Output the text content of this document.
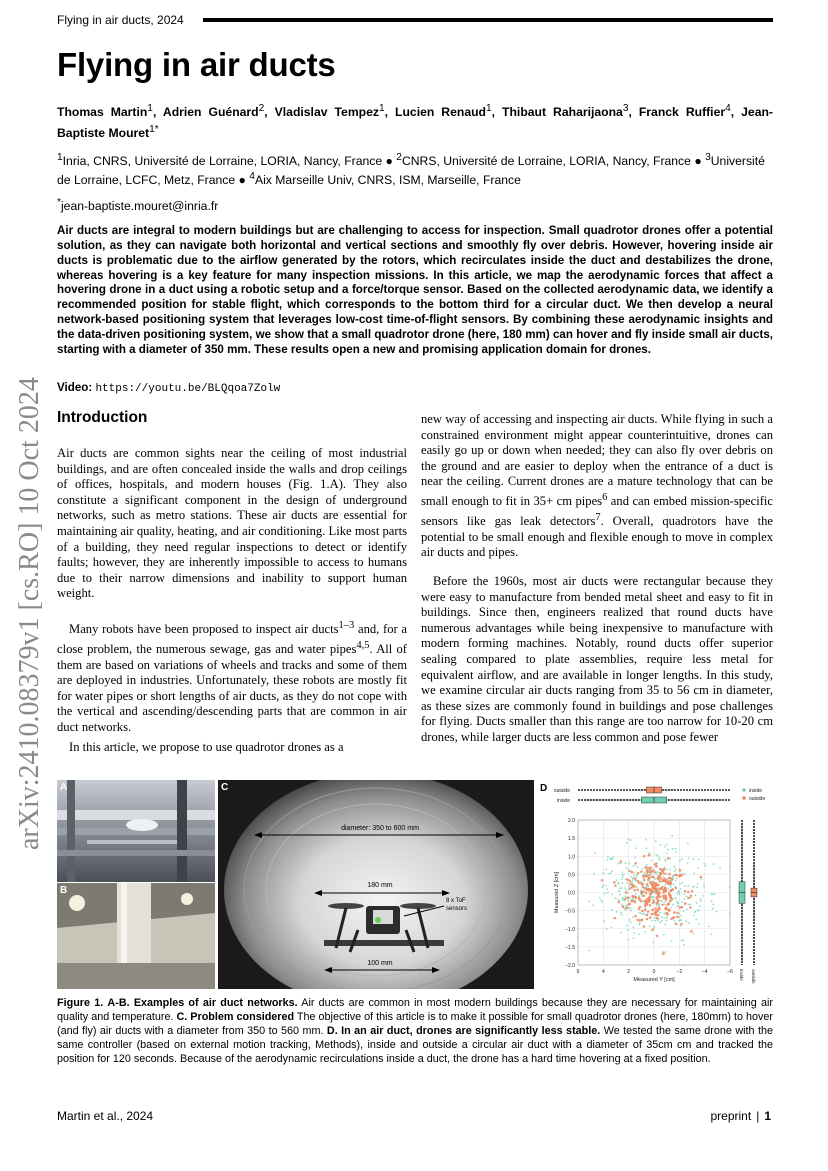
Flying in air ducts, 2024
Flying in air ducts
Thomas Martin$^1$, Adrien Guénard$^2$, Vladislav Tempez$^1$, Lucien Renaud$^1$, Thibaut Raharijaona$^3$, Franck Ruffier$^4$, Jean-Baptiste Mouret$^{1*}$
$^1$Inria, CNRS, Université de Lorraine, LORIA, Nancy, France ● $^2$CNRS, Université de Lorraine, LORIA, Nancy, France ● $^3$Université de Lorraine, LCFC, Metz, France ● $^4$Aix Marseille Univ, CNRS, ISM, Marseille, France
*jean-baptiste.mouret@inria.fr
Air ducts are integral to modern buildings but are challenging to access for inspection. Small quadrotor drones offer a potential solution, as they can navigate both horizontal and vertical sections and smoothly fly over debris. However, hovering inside air ducts is problematic due to the airflow generated by the rotors, which recirculates inside the duct and destabilizes the drone, whereas hovering is a key feature for many inspection missions. In this article, we map the aerodynamic forces that affect a hovering drone in a duct using a robotic setup and a force/torque sensor. Based on the collected aerodynamic data, we identify a recommended position for stable flight, which corresponds to the bottom third for a circular duct. We then develop a neural network-based positioning system that leverages low-cost time-of-flight sensors. By combining these aerodynamic insights and the data-driven positioning system, we show that a small quadrotor drone (here, 180 mm) can hover and fly inside small air ducts, starting with a diameter of 350 mm. These results open a new and promising application domain for drones.
Video: https://youtu.be/BLQqoa7Zolw
arXiv:2410.08379v1 [cs.RO] 10 Oct 2024 Introduction

Air ducts are common sights near the ceiling of most industrial buildings, and are often concealed inside the walls and drop ceilings of offices, hospitals, and modern houses (Fig. 1.A). They also constitute a significant component in the design of underground networks, such as metro stations. These air ducts are essential for maintaining air quality, heating, and air conditioning. Like most parts of a building, they need regular inspections to detect or identify faults; however, they are inherently impossible to access to humans due to their narrow dimensions and inability to support human weight.

Many robots have been proposed to inspect air ducts$^{1-3}$ and, for a close problem, the numerous sewage, gas and water pipes$^{4,5}$. All of them are based on variations of wheels and tracks and some of them are deployed in industries. Unfortunately, these robots are mostly fit for water pipes or short lengths of air ducts, as they do not cope with the vertical and ascending/descending parts that are common in air duct networks.

In this article, we propose to use quadrotor drones as a

new way of accessing and inspecting air ducts. While flying in such a constrained environment might appear counterintuitive, drones can easily go up or down when needed; they can also fly over debris on the ground and are easier to deploy when the entrance of a duct is near the ceiling. Current drones are a mature technology that can be small enough to fit in 35+ cm pipes$^6$ and can embed mission-specific sensors like gas leak detectors$^7$. Overall, quadrotors have the potential to be small enough and flexible enough to move in complex air ducts and pipes.

Before the 1960s, most air ducts were rectangular because they were easy to manufacture from bended metal sheet and easy to fit in buildings. Since then, engineers realized that round ducts have numerous advantages while being inexpensive to manufacture with modern forming machines. Notably, round ducts offer superior sealing compared to plate assemblies, require less metal for equivalent airflow, and are available in longer lengths. In this study, we examine circular air ducts ranging from 35 to 56 cm in diameter, as these sizes are commonly found in buildings and pose challenges for flying. Ducts smaller than this range are too narrow for 10-20 cm drones, while larger ducts are less common and pose fewer

A
B
diameter: 350 to 600 mm
180 mm
8 x ToF
sensors
100 mm
C
6	4	2	0	−2	−4	−6
2.0
1.5
1.0
0.5
0.0
−0.5
−1.0
−1.5
−2.0
Measured Y [cm]
Measured Z [cm]
outside
inside
inside outside
inside
outside
D
Figure 1. A-B. Examples of air duct networks. Air ducts are common in most modern buildings because they are necessary for maintaining air quality and temperature. C. Problem considered The objective of this article is to make it possible for small quadrotor drones (here, 180mm) to hover (and fly) air ducts with a diameter from 350 to 560 mm. D. In an air duct, drones are significantly less stable. We tested the same drone with the same controller (based on external motion tracking, Methods), inside and outside a circular air duct with a diameter of 35cm cm and tracked the position for 120 seconds. Because of the aerodynamic recirculations inside a duct, the drone has a hard time hovering at a fixed position.
Martin et al., 2024	preprint | 1
